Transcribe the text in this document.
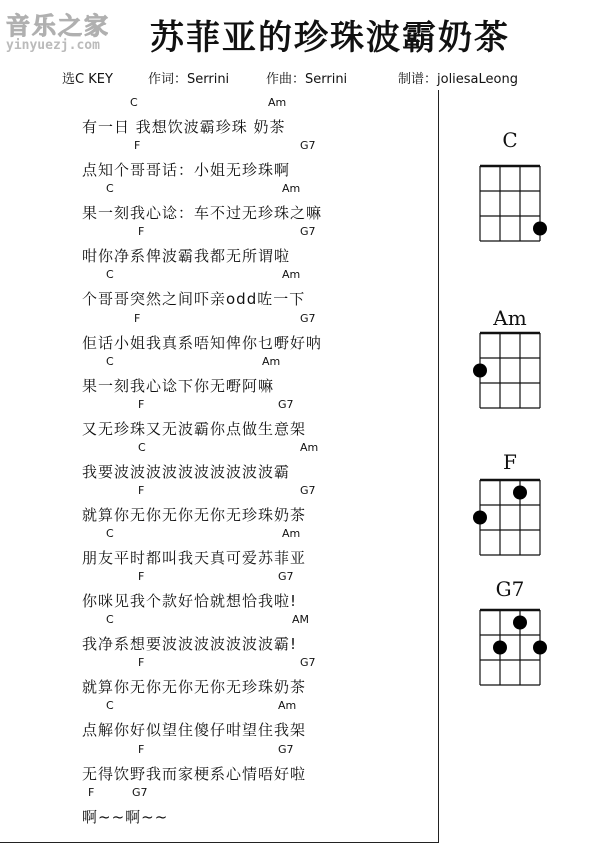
音乐之家
yinyuezj.com 苏菲亚的珍珠波霸奶茶
选C KEY	作词：Serrini	作曲：Serrini	制谱：joliesaLeong
C	Am
有一日 我想饮波霸珍珠 奶茶
F	G7
点知个哥哥话：小姐无珍珠啊
C	Am
果一刻我心谂：车不过无珍珠之嘛
F	G7
咁你净系俾波霸我都无所谓啦
C	Am
个哥哥突然之间吓亲odd咗一下
F	G7
佢话小姐我真系唔知俾你乜嘢好呐
C	Am
果一刻我心谂下你无嘢阿嘛
F	G7
又无珍珠又无波霸你点做生意架
C	Am
我要波波波波波波波波波波霸
F	G7
就算你无你无你无你无珍珠奶茶
C	Am
朋友平时都叫我天真可爱苏菲亚
F	G7
你咪见我个款好恰就想恰我啦!
C	AM
我净系想要波波波波波波波霸!
F	G7
就算你无你无你无你无珍珠奶茶
C	Am
点解你好似望住傻仔咁望住我架
F	G7
无得饮野我而家梗系心情唔好啦
F	G7
啊~~啊~~
C
Am
F
G7
